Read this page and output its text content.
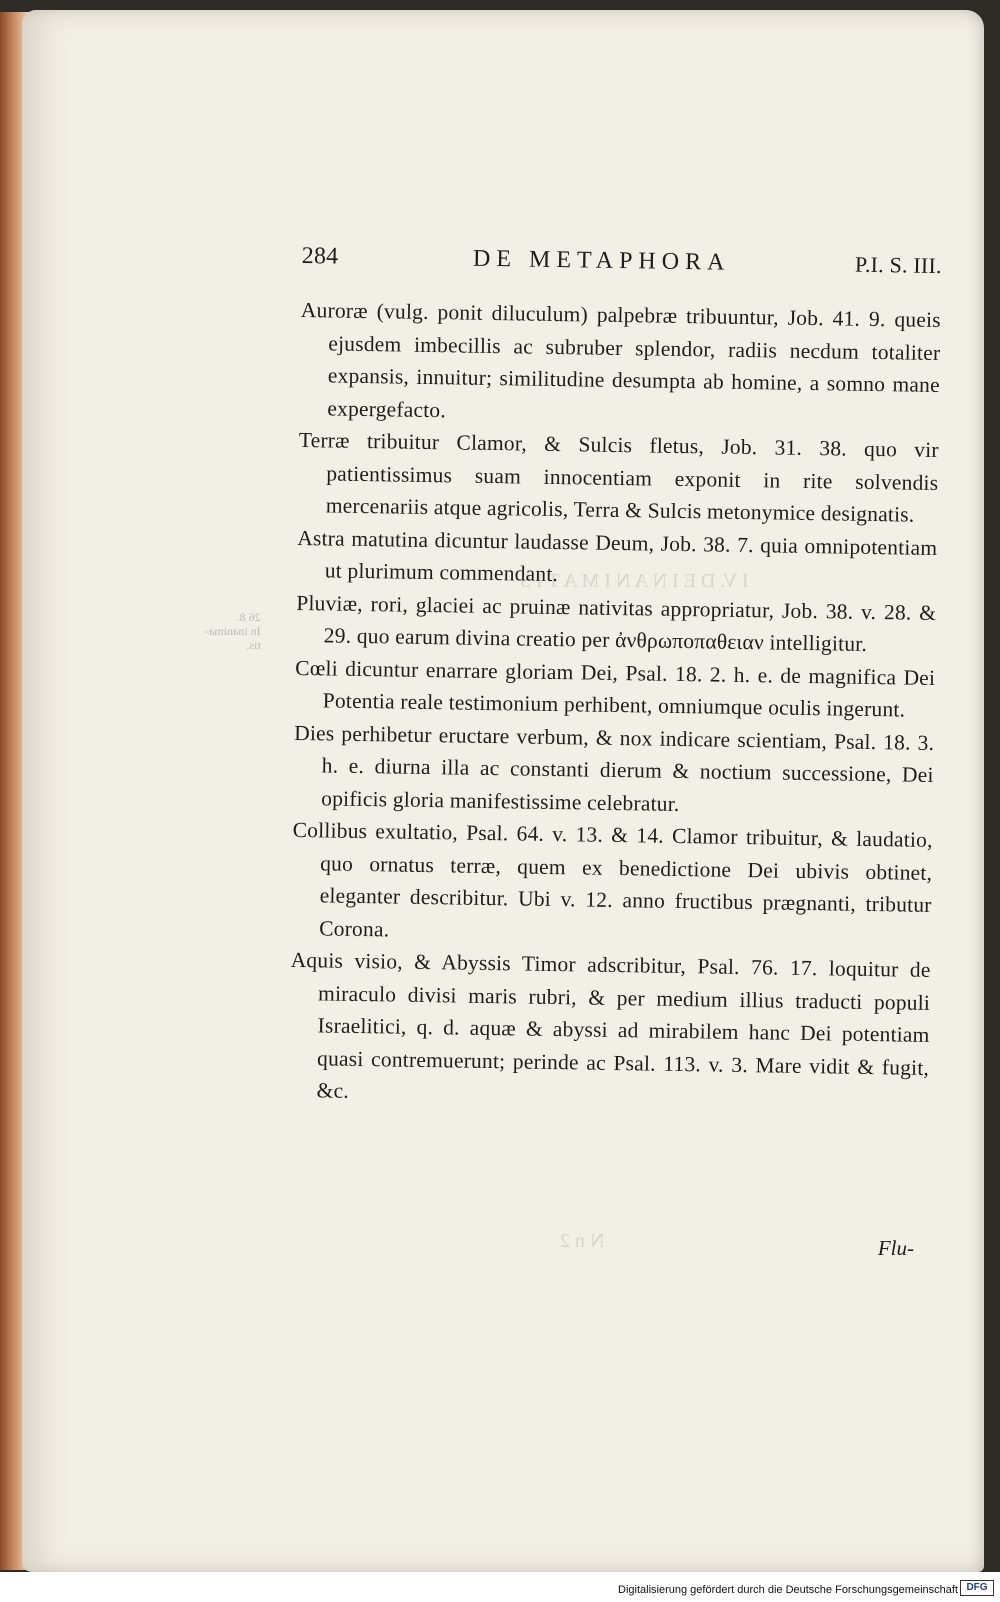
I V. D E I N A N I M A T I S
N n 2
26 8.
In inanima-
tis.
284	DE METAPHORA	P.I. S. III.

Auroræ (vulg. ponit diluculum) palpebræ tribuuntur, Job. 41. 9. queis ejusdem imbecillis ac subruber splendor, radiis necdum totaliter expansis, innuitur; similitudine desumpta ab homine, a somno mane expergefacto.

Terræ tribuitur Clamor, & Sulcis fletus, Job. 31. 38. quo vir patientissimus suam innocentiam exponit in rite solvendis mercenariis atque agricolis, Terra & Sulcis metonymice designatis.

Astra matutina dicuntur laudasse Deum, Job. 38. 7. quia omnipotentiam ut plurimum commendant.

Pluviæ, rori, glaciei ac pruinæ nativitas appropriatur, Job. 38. v. 28. & 29. quo earum divina creatio per ἀνθρωποπαθειαν intelligitur.

Cœli dicuntur enarrare gloriam Dei, Psal. 18. 2. h. e. de magnifica Dei Potentia reale testimonium perhibent, omniumque oculis ingerunt.

Dies perhibetur eructare verbum, & nox indicare scientiam, Psal. 18. 3. h. e. diurna illa ac constanti dierum & noctium successione, Dei opificis gloria manifestissime celebratur.

Collibus exultatio, Psal. 64. v. 13. & 14. Clamor tribuitur, & laudatio, quo ornatus terræ, quem ex benedictione Dei ubivis obtinet, eleganter describitur. Ubi v. 12. anno fructibus prægnanti, tributur Corona.

Aquis visio, & Abyssis Timor adscribitur, Psal. 76. 17. loquitur de miraculo divisi maris rubri, & per medium illius traducti populi Israelitici, q. d. aquæ & abyssi ad mirabilem hanc Dei potentiam quasi contremuerunt; perinde ac Psal. 113. v. 3. Mare vidit & fugit, &c.

Flu-
Digitalisierung gefördert durch die Deutsche Forschungsgemeinschaft DFG
